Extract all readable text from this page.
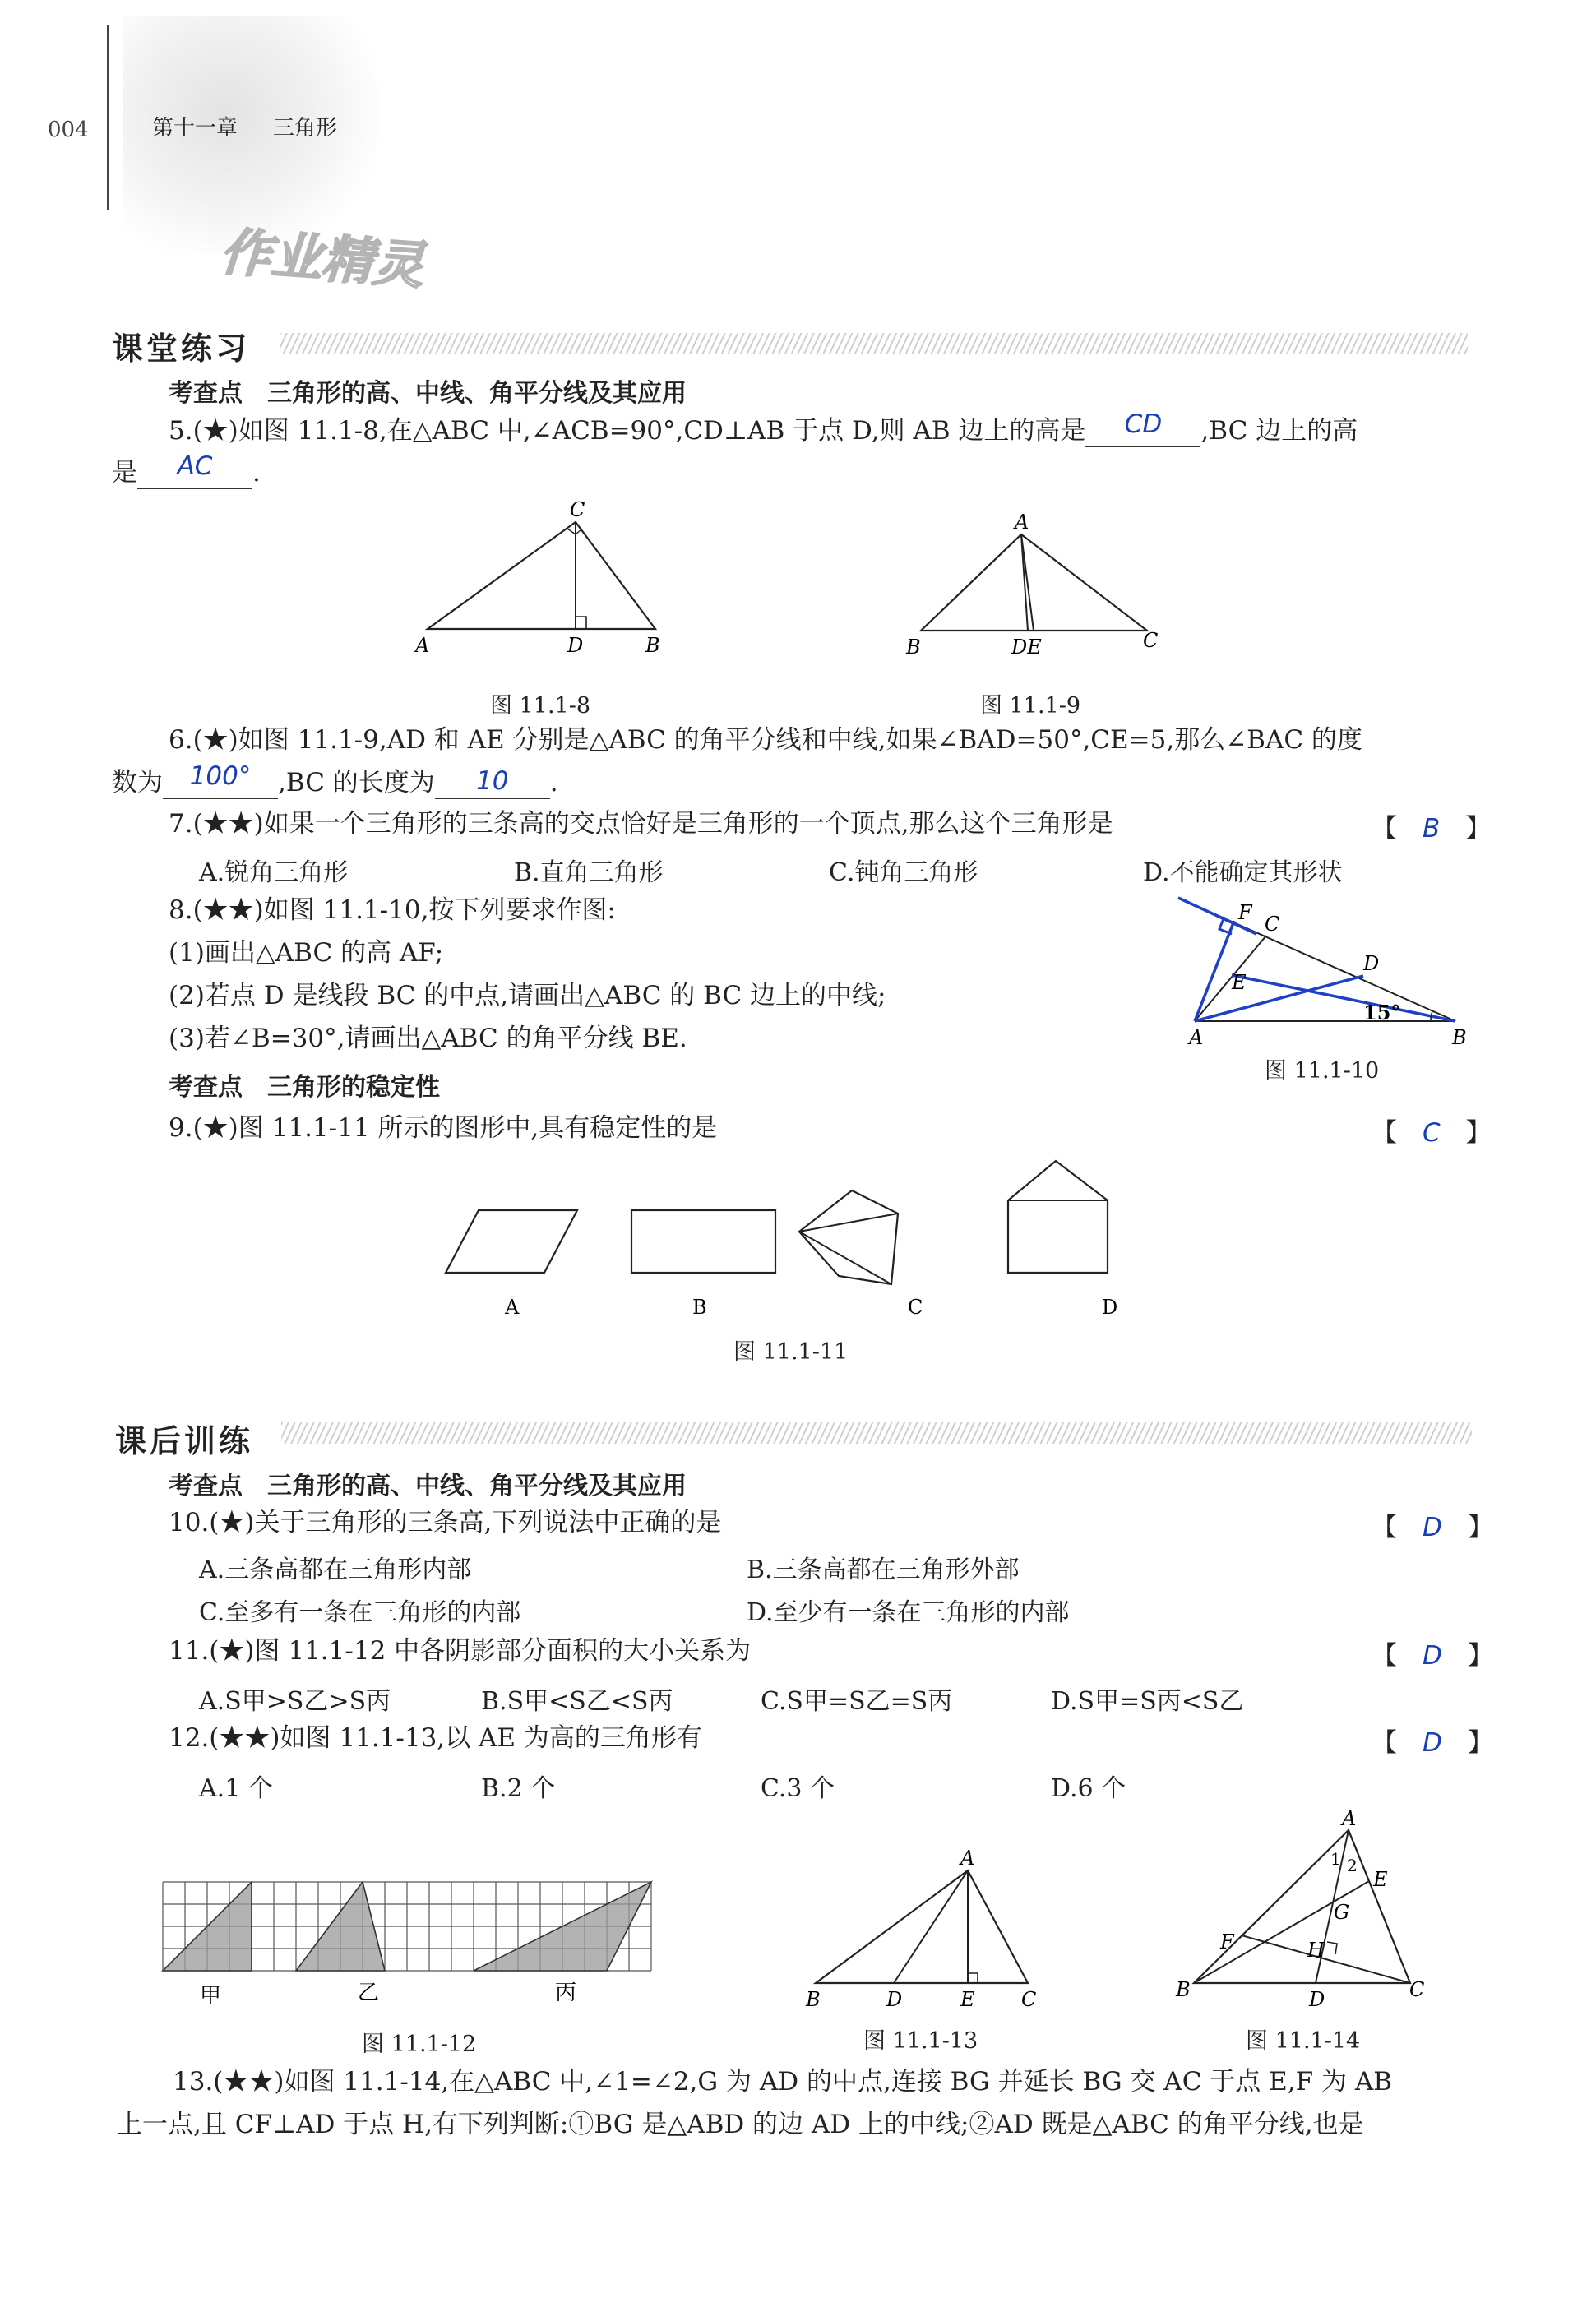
004	第十一章 三角形
作业精灵
课堂练习
考查点　三角形的高、中线、角平分线及其应用
5.(★)如图 11.1-8,在△ABC 中,∠ACB=90°,CD⊥AB 于点 D,则 AB 边上的高是 CD ,BC 边上的高
是 AC .
C
A	D	B
图 11.1-8
A
B	DE	C
图 11.1-9
6.(★)如图 11.1-9,AD 和 AE 分别是△ABC 的角平分线和中线,如果∠BAD=50°,CE=5,那么∠BAC 的度
数为 100° ,BC 的长度为 10 .
7.(★★)如果一个三角形的三条高的交点恰好是三角形的一个顶点,那么这个三角形是	【　B　】
A.锐角三角形	B.直角三角形	C.钝角三角形	D.不能确定其形状
8.(★★)如图 11.1-10,按下列要求作图:
(1)画出△ABC 的高 AF;
(2)若点 D 是线段 BC 的中点,请画出△ABC 的 BC 边上的中线;
(3)若∠B=30°,请画出△ABC 的角平分线 BE.
F C
D
E
15°
A	B
图 11.1-10
考查点　三角形的稳定性
9.(★)图 11.1-11 所示的图形中,具有稳定性的是	【　C　】
A	B	C	D
图 11.1-11
课后训练
考查点　三角形的高、中线、角平分线及其应用
10.(★)关于三角形的三条高,下列说法中正确的是	【　D　】
A.三条高都在三角形内部	B.三条高都在三角形外部
C.至多有一条在三角形的内部	D.至少有一条在三角形的内部
11.(★)图 11.1-12 中各阴影部分面积的大小关系为	【　D　】
A.S甲>S乙>S丙	B.S甲<S乙<S丙	C.S甲=S乙=S丙	D.S甲=S丙<S乙
12.(★★)如图 11.1-13,以 AE 为高的三角形有	【　D　】
A.1 个	B.2 个	C.3 个	D.6 个
甲	乙	丙
图 11.1-12
A
B	D	E C
图 11.1-13
A
1 2
E
G
F	H
B	D	C
图 11.1-14
13.(★★)如图 11.1-14,在△ABC 中,∠1=∠2,G 为 AD 的中点,连接 BG 并延长 BG 交 AC 于点 E,F 为 AB
上一点,且 CF⊥AD 于点 H,有下列判断:①BG 是△ABD 的边 AD 上的中线;②AD 既是△ABC 的角平分线,也是
